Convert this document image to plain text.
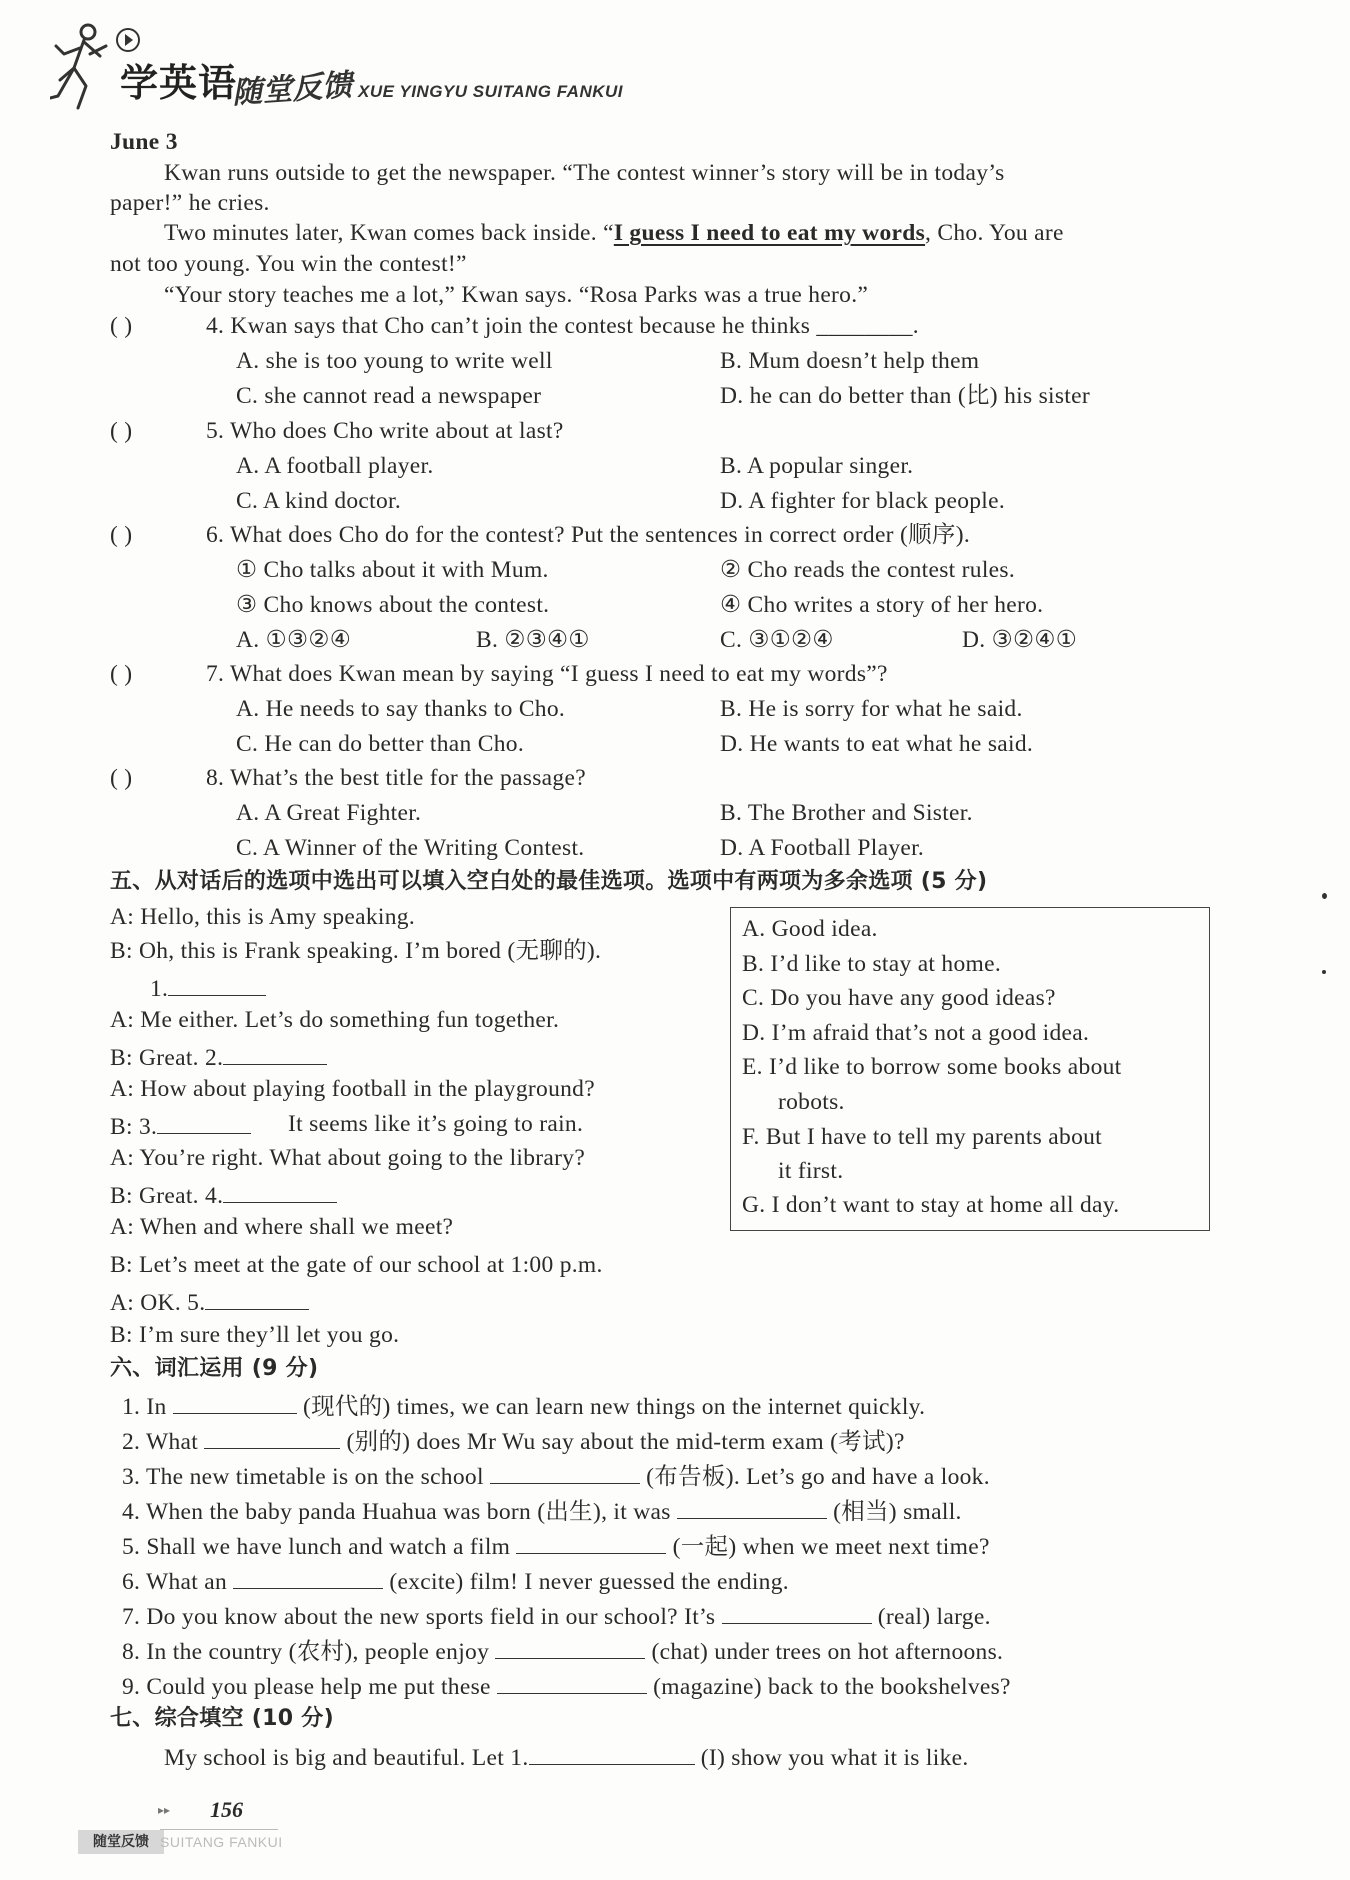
学英语
随堂反馈 XUE YINGYU SUITANG FANKUI
June 3
Kwan runs outside to get the newspaper. “The contest winner’s story will be in today’s
paper!” he cries.
Two minutes later, Kwan comes back inside. “I guess I need to eat my words, Cho. You are
not too young. You win the contest!”
“Your story teaches me a lot,” Kwan says. “Rosa Parks was a true hero.”
( )	4. Kwan says that Cho can’t join the contest because he thinks ________.
A. she is too young to write well	B. Mum doesn’t help them
C. she cannot read a newspaper	D. he can do better than (比) his sister
( )	5. Who does Cho write about at last?
A. A football player.	B. A popular singer.
C. A kind doctor.	D. A fighter for black people.
( )	6. What does Cho do for the contest? Put the sentences in correct order (顺序).
① Cho talks about it with Mum.	② Cho reads the contest rules.
③ Cho knows about the contest.	④ Cho writes a story of her hero.
A. ①③②④	B. ②③④①	C. ③①②④	D. ③②④①
( )	7. What does Kwan mean by saying “I guess I need to eat my words”?
A. He needs to say thanks to Cho.	B. He is sorry for what he said.
C. He can do better than Cho.	D. He wants to eat what he said.
( )	8. What’s the best title for the passage?
A. A Great Fighter.	B. The Brother and Sister.
C. A Winner of the Writing Contest.	D. A Football Player.
五、从对话后的选项中选出可以填入空白处的最佳选项。选项中有两项为多余选项 (5 分)
A: Hello, this is Amy speaking.
B: Oh, this is Frank speaking. I’m bored (无聊的).
1.
A: Me either. Let’s do something fun together.
B: Great. 2.
A: How about playing football in the playground?
B: 3.	It seems like it’s going to rain.
A: You’re right. What about going to the library?
B: Great. 4.
A: When and where shall we meet?
B: Let’s meet at the gate of our school at 1:00 p.m.
A: OK. 5.
B: I’m sure they’ll let you go.
A. Good idea.
B. I’d like to stay at home.
C. Do you have any good ideas?
D. I’m afraid that’s not a good idea.
E. I’d like to borrow some books about
robots.
F. But I have to tell my parents about
it first.
G. I don’t want to stay at home all day.
六、词汇运用 (9 分)
1. In	(现代的) times, we can learn new things on the internet quickly.
2. What	(别的) does Mr Wu say about the mid-term exam (考试)?
3. The new timetable is on the school	(布告板). Let’s go and have a look.
4. When the baby panda Huahua was born (出生), it was	(相当) small.
5. Shall we have lunch and watch a film	(一起) when we meet next time?
6. What an	(excite) film! I never guessed the ending.
7. Do you know about the new sports field in our school? It’s	(real) large.
8. In the country (农村), people enjoy	(chat) under trees on hot afternoons.
9. Could you please help me put these	(magazine) back to the bookshelves?
七、综合填空 (10 分)
My school is big and beautiful. Let 1.	(I) show you what it is like.
▸▸ 156
随堂反馈 SUITANG FANKUI
